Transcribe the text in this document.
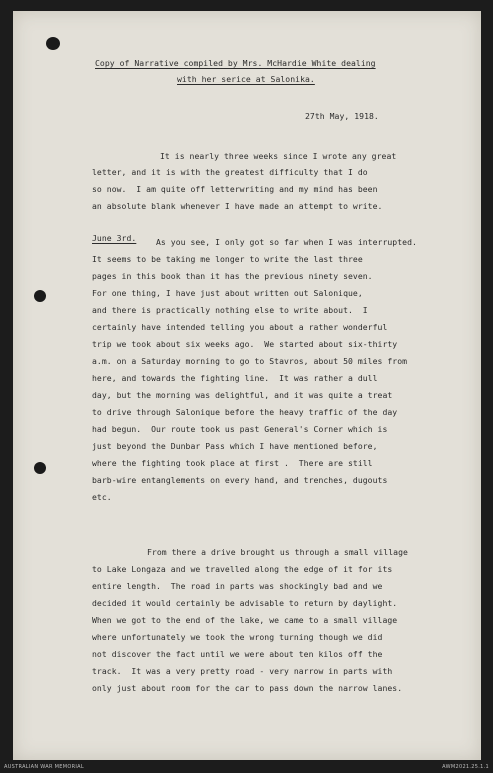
Copy of Narrative compiled by Mrs. McHardie White dealing
with her serice at Salonika.
27th May, 1918.
It is nearly three weeks since I wrote any great
letter, and it is with the greatest difficulty that I do
so now.  I am quite off letterwriting and my mind has been
an absolute blank whenever I have made an attempt to write.
June 3rd. As you see, I only got so far when I was interrupted.
It seems to be taking me longer to write the last three
pages in this book than it has the previous ninety seven.
For one thing, I have just about written out Salonique,
and there is practically nothing else to write about.  I
certainly have intended telling you about a rather wonderful
trip we took about six weeks ago.  We started about six-thirty
a.m. on a Saturday morning to go to Stavros, about 50 miles from
here, and towards the fighting line.  It was rather a dull
day, but the morning was delightful, and it was quite a treat
to drive through Salonique before the heavy traffic of the day
had begun.  Our route took us past General's Corner which is
just beyond the Dunbar Pass which I have mentioned before,
where the fighting took place at first .  There are still
barb-wire entanglements on every hand, and trenches, dugouts
etc.
From there a drive brought us through a small village
to Lake Longaza and we travelled along the edge of it for its
entire length.  The road in parts was shockingly bad and we
decided it would certainly be advisable to return by daylight.
When we got to the end of the lake, we came to a small village
where unfortunately we took the wrong turning though we did
not discover the fact until we were about ten kilos off the
track.  It was a very pretty road - very narrow in parts with
only just about room for the car to pass down the narrow lanes.
AUSTRALIAN WAR MEMORIAL	AWM2021.25.1.1
